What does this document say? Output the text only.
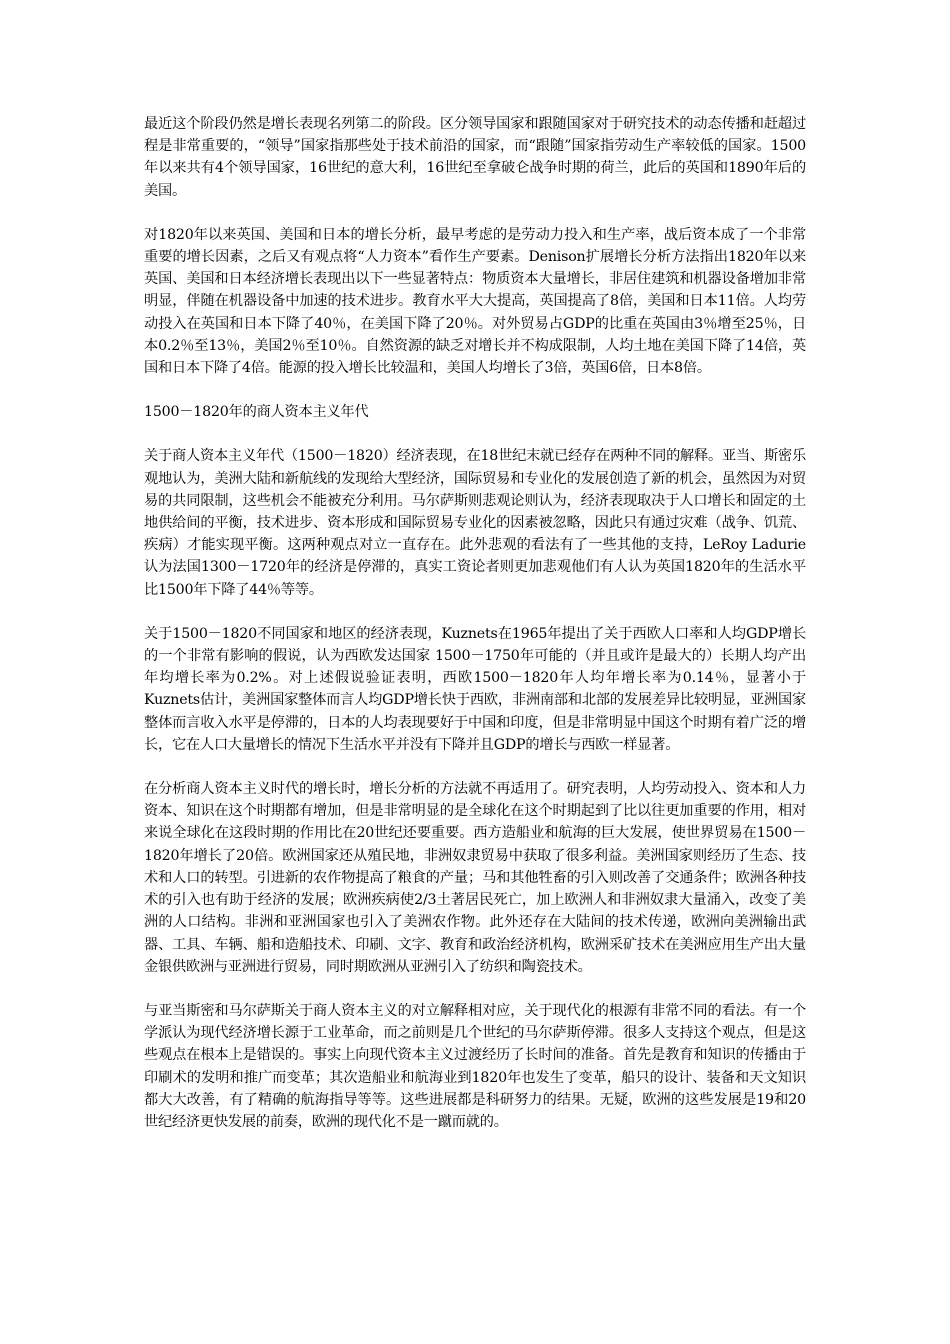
最近这个阶段仍然是增长表现名列第二的阶段。区分领导国家和跟随国家对于研究技术的动态传播和赶超过程是非常重要的，“领导”国家指那些处于技术前沿的国家，而“跟随”国家指劳动生产率较低的国家。1500年以来共有4个领导国家，16世纪的意大利，16世纪至拿破仑战争时期的荷兰，此后的英国和1890年后的美国。

对1820年以来英国、美国和日本的增长分析，最早考虑的是劳动力投入和生产率，战后资本成了一个非常重要的增长因素，之后又有观点将“人力资本”看作生产要素。Denison扩展增长分析方法指出1820年以来英国、美国和日本经济增长表现出以下一些显著特点：物质资本大量增长，非居住建筑和机器设备增加非常明显，伴随在机器设备中加速的技术进步。教育水平大大提高，英国提高了8倍，美国和日本11倍。人均劳动投入在英国和日本下降了40％，在美国下降了20％。对外贸易占GDP的比重在英国由3％增至25％，日本0.2％至13％，美国2％至10％。自然资源的缺乏对增长并不构成限制，人均土地在美国下降了14倍，英国和日本下降了4倍。能源的投入增长比较温和，美国人均增长了3倍，英国6倍，日本8倍。

1500－1820年的商人资本主义年代

关于商人资本主义年代（1500－1820）经济表现，在18世纪末就已经存在两种不同的解释。亚当、斯密乐观地认为，美洲大陆和新航线的发现给大型经济，国际贸易和专业化的发展创造了新的机会，虽然因为对贸易的共同限制，这些机会不能被充分利用。马尔萨斯则悲观论则认为，经济表现取决于人口增长和固定的土地供给间的平衡，技术进步、资本形成和国际贸易专业化的因素被忽略，因此只有通过灾难（战争、饥荒、疾病）才能实现平衡。这两种观点对立一直存在。此外悲观的看法有了一些其他的支持，LeRoy Ladurie认为法国1300－1720年的经济是停滞的，真实工资论者则更加悲观他们有人认为英国1820年的生活水平比1500年下降了44％等等。

关于1500－1820不同国家和地区的经济表现，Kuznets在1965年提出了关于西欧人口率和人均GDP增长的一个非常有影响的假说，认为西欧发达国家 1500－1750年可能的（并且或许是最大的）长期人均产出年均增长率为0.2%。对上述假说验证表明，西欧1500－1820年人均年增长率为0.14％，显著小于Kuznets估计，美洲国家整体而言人均GDP增长快于西欧，非洲南部和北部的发展差异比较明显，亚洲国家整体而言收入水平是停滞的，日本的人均表现要好于中国和印度，但是非常明显中国这个时期有着广泛的增长，它在人口大量增长的情况下生活水平并没有下降并且GDP的增长与西欧一样显著。

在分析商人资本主义时代的增长时，增长分析的方法就不再适用了。研究表明，人均劳动投入、资本和人力资本、知识在这个时期都有增加，但是非常明显的是全球化在这个时期起到了比以往更加重要的作用，相对来说全球化在这段时期的作用比在20世纪还要重要。西方造船业和航海的巨大发展，使世界贸易在1500－1820年增长了20倍。欧洲国家还从殖民地，非洲奴隶贸易中获取了很多利益。美洲国家则经历了生态、技术和人口的转型。引进新的农作物提高了粮食的产量；马和其他牲畜的引入则改善了交通条件；欧洲各种技术的引入也有助于经济的发展；欧洲疾病使2/3土著居民死亡，加上欧洲人和非洲奴隶大量涌入，改变了美洲的人口结构。非洲和亚洲国家也引入了美洲农作物。此外还存在大陆间的技术传递，欧洲向美洲输出武器、工具、车辆、船和造船技术、印刷、文字、教育和政治经济机构，欧洲采矿技术在美洲应用生产出大量金银供欧洲与亚洲进行贸易，同时期欧洲从亚洲引入了纺织和陶瓷技术。

与亚当斯密和马尔萨斯关于商人资本主义的对立解释相对应，关于现代化的根源有非常不同的看法。有一个学派认为现代经济增长源于工业革命，而之前则是几个世纪的马尔萨斯停滞。很多人支持这个观点，但是这些观点在根本上是错误的。事实上向现代资本主义过渡经历了长时间的准备。首先是教育和知识的传播由于印刷术的发明和推广而变革；其次造船业和航海业到1820年也发生了变革，船只的设计、装备和天文知识都大大改善，有了精确的航海指导等等。这些进展都是科研努力的结果。无疑，欧洲的这些发展是19和20世纪经济更快发展的前奏，欧洲的现代化不是一蹴而就的。
